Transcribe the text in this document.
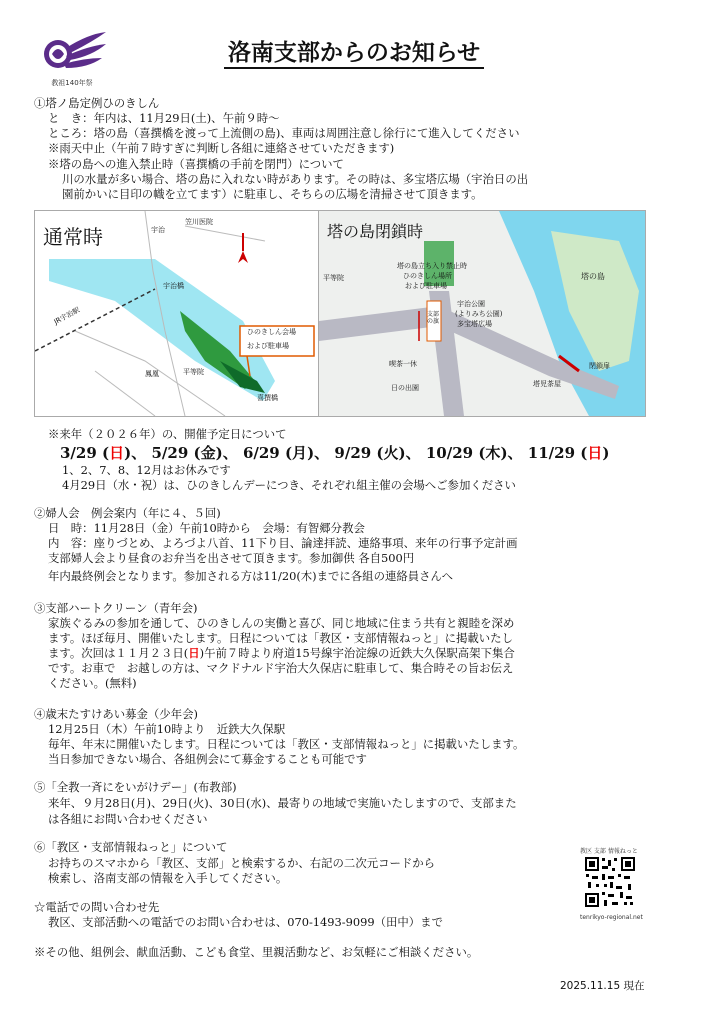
教祖140年祭
洛南支部からのお知らせ
①塔ノ島定例ひのきしん
と　き：年内は、11月29日(土)、午前９時～
ところ：塔の島（喜撰橋を渡って上流側の島)、車両は周囲注意し徐行にて進入してください
※雨天中止（午前７時すぎに判断し各組に連絡させていただきます)
※塔の島への進入禁止時（喜撰橋の手前を閉門）について
川の水量が多い場合、塔の島に入れない時があります。その時は、多宝塔広場（宇治日の出
園前かいに目印の幟を立てます）に駐車し、そちらの広場を清掃させて頂きます。
通常時
笠川医院
宇治橋
平等院
鳳凰
宇治
JR宇治駅
ひのきしん会場
および駐車場
喜撰橋
塔の島閉鎖時
平等院
塔の島立ち入り禁止時
ひのきしん場所
および駐車場
宇治公園
(よりみち公園)
多宝塔広場
支部の旗
喫茶一休
日の出園
塔の島
閉鎖扉
塔児茶屋
※来年（２０２６年）の、開催予定日について
3/29 (日)、 5/29 (金)、 6/29 (月)、 9/29 (火)、 10/29 (木)、 11/29 (日)
1、2、7、8、12月はお休みです
4月29日（水・祝）は、ひのきしんデーにつき、それぞれ組主催の会場へご参加ください
②婦人会　例会案内（年に４、５回)
日　時：11月28日（金）午前10時から　会場：有智郷分教会
内　容：座りづとめ、よろづよ八首、11下り目、論達拝読、連絡事項、来年の行事予定計画
支部婦人会より昼食のお弁当を出させて頂きます。参加御供 各自500円
年内最終例会となります。参加される方は11/20(木)までに各組の連絡員さんへ
③支部ハートクリーン（青年会)
家族ぐるみの参加を通して、ひのきしんの実働と喜び、同じ地域に住まう共有と親睦を深め
ます。ほぼ毎月、開催いたします。日程については「教区・支部情報ねっと」に掲載いたし
ます。次回は１１月２３日(日)午前７時より府道15号線宇治淀線の近鉄大久保駅高架下集合
です。お車で　お越しの方は、マクドナルド宇治大久保店に駐車して、集合時その旨お伝え
ください。(無料)
④歳末たすけあい募金（少年会)
12月25日（木）午前10時より　近鉄大久保駅
毎年、年末に開催いたします。日程については「教区・支部情報ねっと」に掲載いたします。
当日参加できない場合、各組例会にて募金することも可能です
⑤「全教一斉にをいがけデー」(布教部)
来年、９月28日(月)、29日(火)、30日(水)、最寄りの地域で実施いたしますので、支部また
は各組にお問い合わせください
⑥「教区・支部情報ねっと」について
お持ちのスマホから「教区、支部」と検索するか、右記の二次元コードから
検索し、洛南支部の情報を入手してください。
教区 支部 情報ねっと
tenrikyo-regional.net
☆電話での問い合わせ先
教区、支部活動への電話でのお問い合わせは、070-1493-9099（田中）まで
※その他、組例会、献血活動、こども食堂、里親活動など、お気軽にご相談ください。
2025.11.15 現在
